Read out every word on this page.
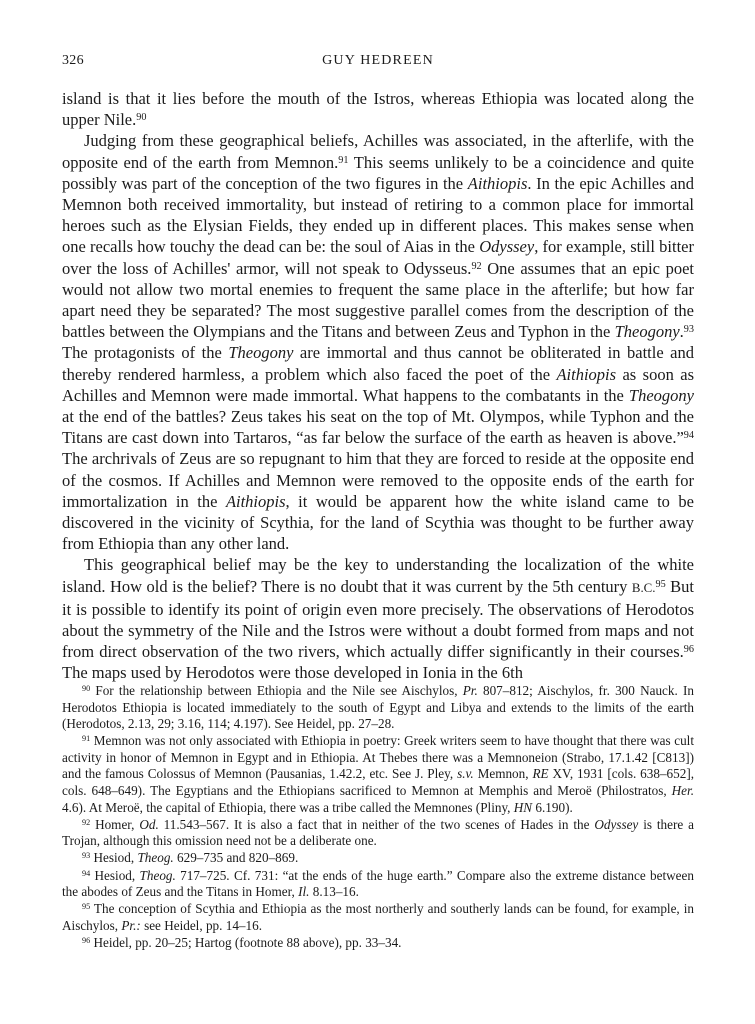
326	GUY HEDREEN

island is that it lies before the mouth of the Istros, whereas Ethiopia was located along the upper Nile.$^{90}$

Judging from these geographical beliefs, Achilles was associated, in the afterlife, with the opposite end of the earth from Memnon.$^{91}$ This seems unlikely to be a coincidence and quite possibly was part of the conception of the two figures in the Aithiopis. In the epic Achilles and Memnon both received immortality, but instead of retiring to a common place for immortal heroes such as the Elysian Fields, they ended up in different places. This makes sense when one recalls how touchy the dead can be: the soul of Aias in the Odyssey, for example, still bitter over the loss of Achilles' armor, will not speak to Odysseus.$^{92}$ One assumes that an epic poet would not allow two mortal enemies to frequent the same place in the afterlife; but how far apart need they be separated? The most suggestive parallel comes from the description of the battles between the Olympians and the Titans and between Zeus and Typhon in the Theogony.$^{93}$ The protagonists of the Theogony are immortal and thus cannot be obliterated in battle and thereby rendered harmless, a problem which also faced the poet of the Aithiopis as soon as Achilles and Memnon were made immortal. What happens to the combatants in the Theogony at the end of the battles? Zeus takes his seat on the top of Mt. Olympos, while Typhon and the Titans are cast down into Tartaros, “as far below the surface of the earth as heaven is above.”$^{94}$ The archrivals of Zeus are so repugnant to him that they are forced to reside at the opposite end of the cosmos. If Achilles and Memnon were removed to the opposite ends of the earth for immortalization in the Aithiopis, it would be apparent how the white island came to be discovered in the vicinity of Scythia, for the land of Scythia was thought to be further away from Ethiopia than any other land.

This geographical belief may be the key to understanding the localization of the white island. How old is the belief? There is no doubt that it was current by the 5th century B.C.$^{95}$ But it is possible to identify its point of origin even more precisely. The observations of Herodotos about the symmetry of the Nile and the Istros were without a doubt formed from maps and not from direct observation of the two rivers, which actually differ significantly in their courses.$^{96}$ The maps used by Herodotos were those developed in Ionia in the 6th

$^{90}$ For the relationship between Ethiopia and the Nile see Aischylos, Pr. 807–812; Aischylos, fr. 300 Nauck. In Herodotos Ethiopia is located immediately to the south of Egypt and Libya and extends to the limits of the earth (Herodotos, 2.13, 29; 3.16, 114; 4.197). See Heidel, pp. 27–28.

$^{91}$ Memnon was not only associated with Ethiopia in poetry: Greek writers seem to have thought that there was cult activity in honor of Memnon in Egypt and in Ethiopia. At Thebes there was a Memnoneion (Strabo, 17.1.42 [C813]) and the famous Colossus of Memnon (Pausanias, 1.42.2, etc. See J. Pley, s.v. Memnon, RE XV, 1931 [cols. 638–652], cols. 648–649). The Egyptians and the Ethiopians sacrificed to Memnon at Memphis and Meroë (Philostratos, Her. 4.6). At Meroë, the capital of Ethiopia, there was a tribe called the Memnones (Pliny, HN 6.190).

$^{92}$ Homer, Od. 11.543–567. It is also a fact that in neither of the two scenes of Hades in the Odyssey is there a Trojan, although this omission need not be a deliberate one.

$^{93}$ Hesiod, Theog. 629–735 and 820–869.

$^{94}$ Hesiod, Theog. 717–725. Cf. 731: “at the ends of the huge earth.” Compare also the extreme distance between the abodes of Zeus and the Titans in Homer, Il. 8.13–16.

$^{95}$ The conception of Scythia and Ethiopia as the most northerly and southerly lands can be found, for example, in Aischylos, Pr.: see Heidel, pp. 14–16.

$^{96}$ Heidel, pp. 20–25; Hartog (footnote 88 above), pp. 33–34.
